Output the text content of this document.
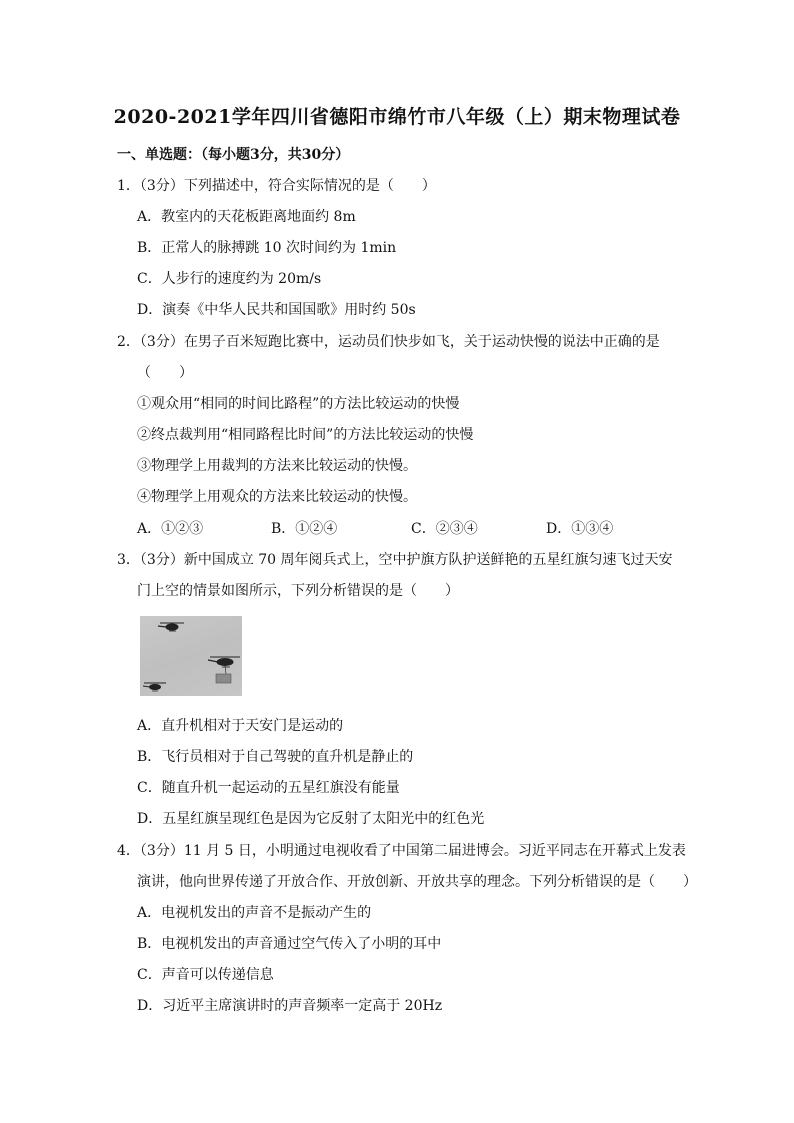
2020-2021学年四川省德阳市绵竹市八年级（上）期末物理试卷
一、单选题：（每小题3分，共30分）
1．（3分）下列描述中，符合实际情况的是（　　）
A．教室内的天花板距离地面约 8m
B．正常人的脉搏跳 10 次时间约为 1min
C．人步行的速度约为 20m/s
D．演奏《中华人民共和国国歌》用时约 50s
2．（3分）在男子百米短跑比赛中，运动员们快步如飞，关于运动快慢的说法中正确的是
（　　）
①观众用“相同的时间比路程”的方法比较运动的快慢
②终点裁判用“相同路程比时间”的方法比较运动的快慢
③物理学上用裁判的方法来比较运动的快慢。
④物理学上用观众的方法来比较运动的快慢。
A．①②③	B．①②④	C．②③④	D．①③④
3．（3分）新中国成立 70 周年阅兵式上，空中护旗方队护送鲜艳的五星红旗匀速飞过天安
门上空的情景如图所示，下列分析错误的是（　　）
A．直升机相对于天安门是运动的
B．飞行员相对于自己驾驶的直升机是静止的
C．随直升机一起运动的五星红旗没有能量
D．五星红旗呈现红色是因为它反射了太阳光中的红色光
4．（3分）11 月 5 日，小明通过电视收看了中国第二届进博会。习近平同志在开幕式上发表
演讲，他向世界传递了开放合作、开放创新、开放共享的理念。下列分析错误的是（　　）
A．电视机发出的声音不是振动产生的
B．电视机发出的声音通过空气传入了小明的耳中
C．声音可以传递信息
D．习近平主席演讲时的声音频率一定高于 20Hz
